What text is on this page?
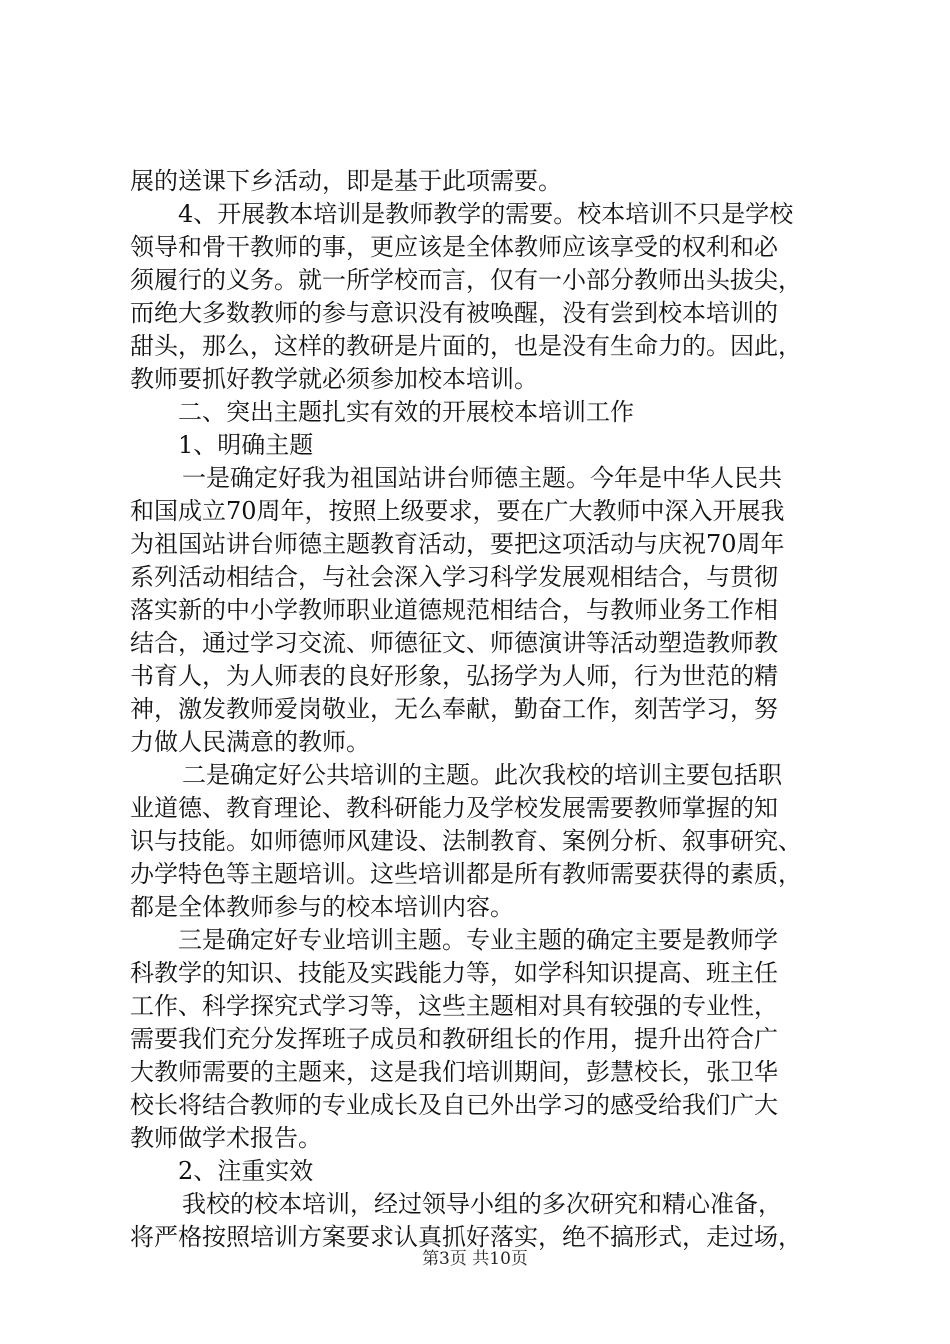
展的送课下乡活动，即是基于此项需要。
4、开展教本培训是教师教学的需要。校本培训不只是学校
领导和骨干教师的事，更应该是全体教师应该享受的权利和必
须履行的义务。就一所学校而言，仅有一小部分教师出头拔尖，
而绝大多数教师的参与意识没有被唤醒，没有尝到校本培训的
甜头，那么，这样的教研是片面的，也是没有生命力的。因此，
教师要抓好教学就必须参加校本培训。
二、突出主题扎实有效的开展校本培训工作
1、明确主题
一是确定好我为祖国站讲台师德主题。今年是中华人民共
和国成立70周年，按照上级要求，要在广大教师中深入开展我
为祖国站讲台师德主题教育活动，要把这项活动与庆祝70周年
系列活动相结合，与社会深入学习科学发展观相结合，与贯彻
落实新的中小学教师职业道德规范相结合，与教师业务工作相
结合，通过学习交流、师德征文、师德演讲等活动塑造教师教
书育人，为人师表的良好形象，弘扬学为人师，行为世范的精
神，激发教师爱岗敬业，无么奉献，勤奋工作，刻苦学习，努
力做人民满意的教师。
二是确定好公共培训的主题。此次我校的培训主要包括职
业道德、教育理论、教科研能力及学校发展需要教师掌握的知
识与技能。如师德师风建设、法制教育、案例分析、叙事研究、
办学特色等主题培训。这些培训都是所有教师需要获得的素质，
都是全体教师参与的校本培训内容。
三是确定好专业培训主题。专业主题的确定主要是教师学
科教学的知识、技能及实践能力等，如学科知识提高、班主任
工作、科学探究式学习等，这些主题相对具有较强的专业性，
需要我们充分发挥班子成员和教研组长的作用，提升出符合广
大教师需要的主题来，这是我们培训期间，彭慧校长，张卫华
校长将结合教师的专业成长及自已外出学习的感受给我们广大
教师做学术报告。
2、注重实效
我校的校本培训，经过领导小组的多次研究和精心准备，
将严格按照培训方案要求认真抓好落实，绝不搞形式，走过场，
第3页 共10页
